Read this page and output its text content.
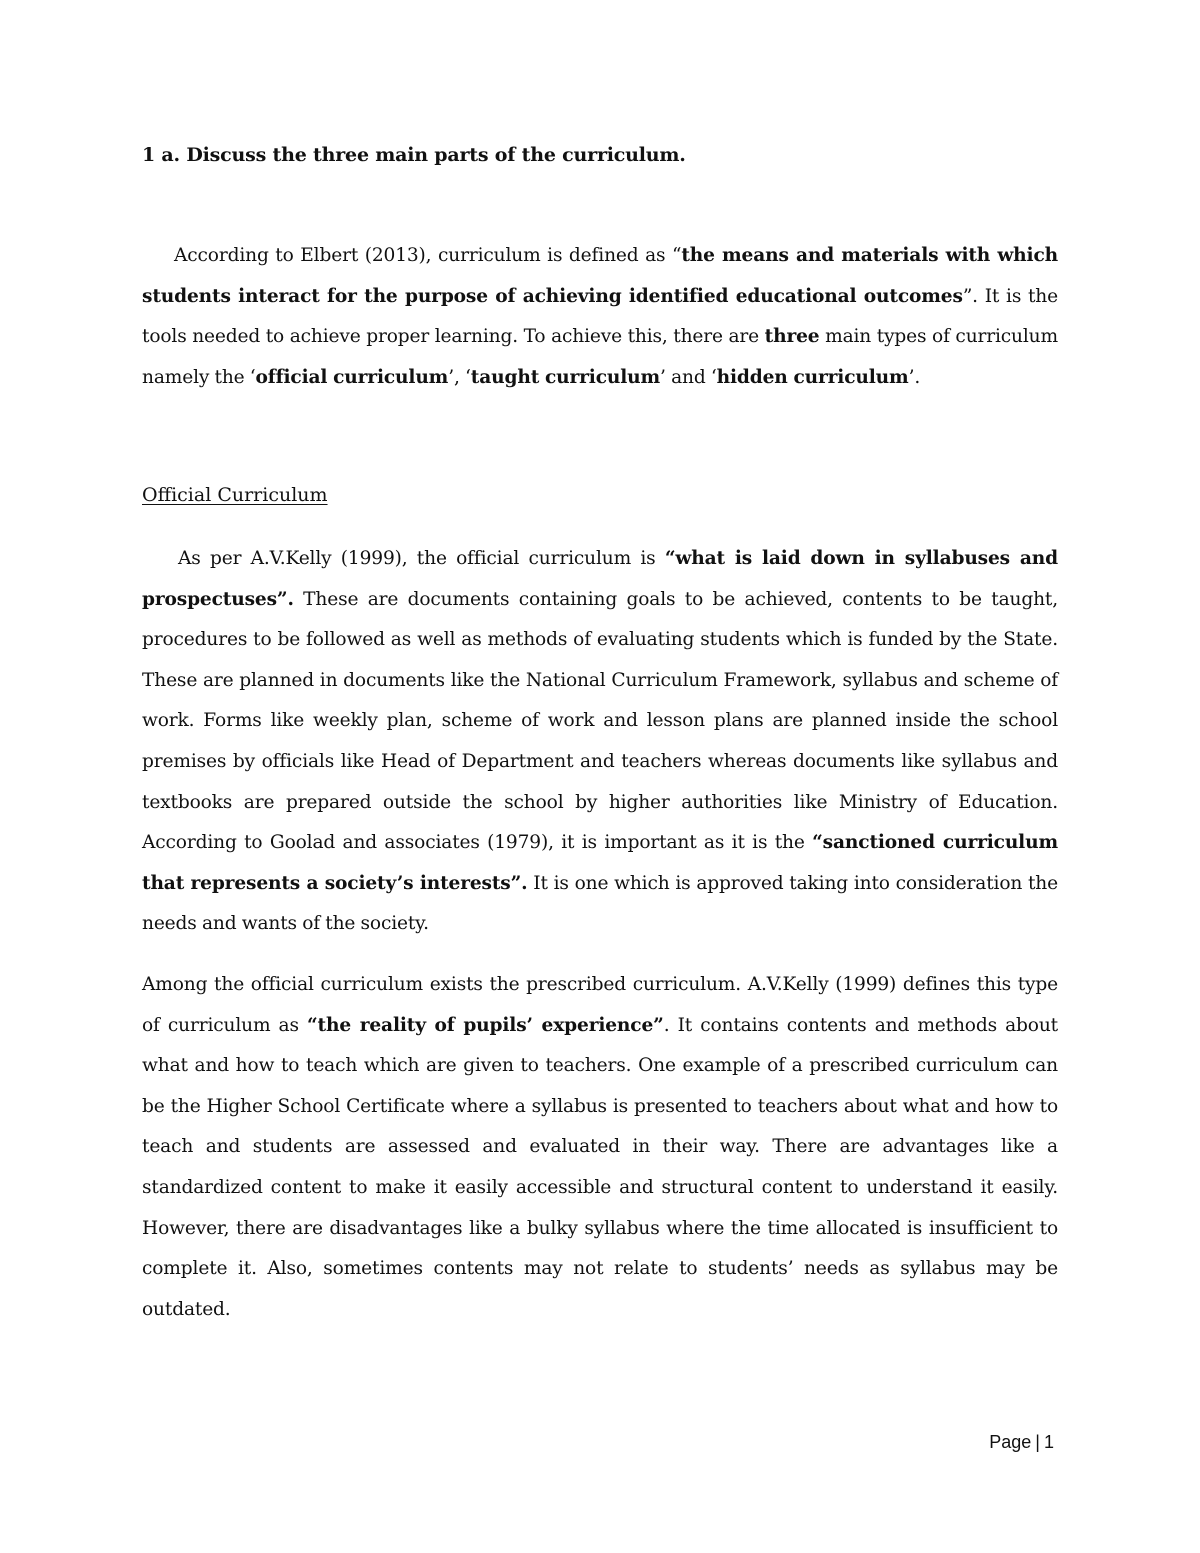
1 a. Discuss the three main parts of the curriculum.

According to Elbert (2013), curriculum is defined as “the means and materials with which students interact for the purpose of achieving identified educational outcomes”. It is the tools needed to achieve proper learning. To achieve this, there are three main types of curriculum namely the ‘official curriculum’, ‘taught curriculum’ and ‘hidden curriculum’.

Official Curriculum

As per A.V.Kelly (1999), the official curriculum is “what is laid down in syllabuses and prospectuses”. These are documents containing goals to be achieved, contents to be taught, procedures to be followed as well as methods of evaluating students which is funded by the State. These are planned in documents like the National Curriculum Framework, syllabus and scheme of work. Forms like weekly plan, scheme of work and lesson plans are planned inside the school premises by officials like Head of Department and teachers whereas documents like syllabus and textbooks are prepared outside the school by higher authorities like Ministry of Education. According to Goolad and associates (1979), it is important as it is the “sanctioned curriculum that represents a society’s interests”. It is one which is approved taking into consideration the needs and wants of the society.

Among the official curriculum exists the prescribed curriculum. A.V.Kelly (1999) defines this type of curriculum as “the reality of pupils’ experience”. It contains contents and methods about what and how to teach which are given to teachers. One example of a prescribed curriculum can be the Higher School Certificate where a syllabus is presented to teachers about what and how to teach and students are assessed and evaluated in their way. There are advantages like a standardized content to make it easily accessible and structural content to understand it easily. However, there are disadvantages like a bulky syllabus where the time allocated is insufficient to complete it. Also, sometimes contents may not relate to students’ needs as syllabus may be outdated.

Page | 1
